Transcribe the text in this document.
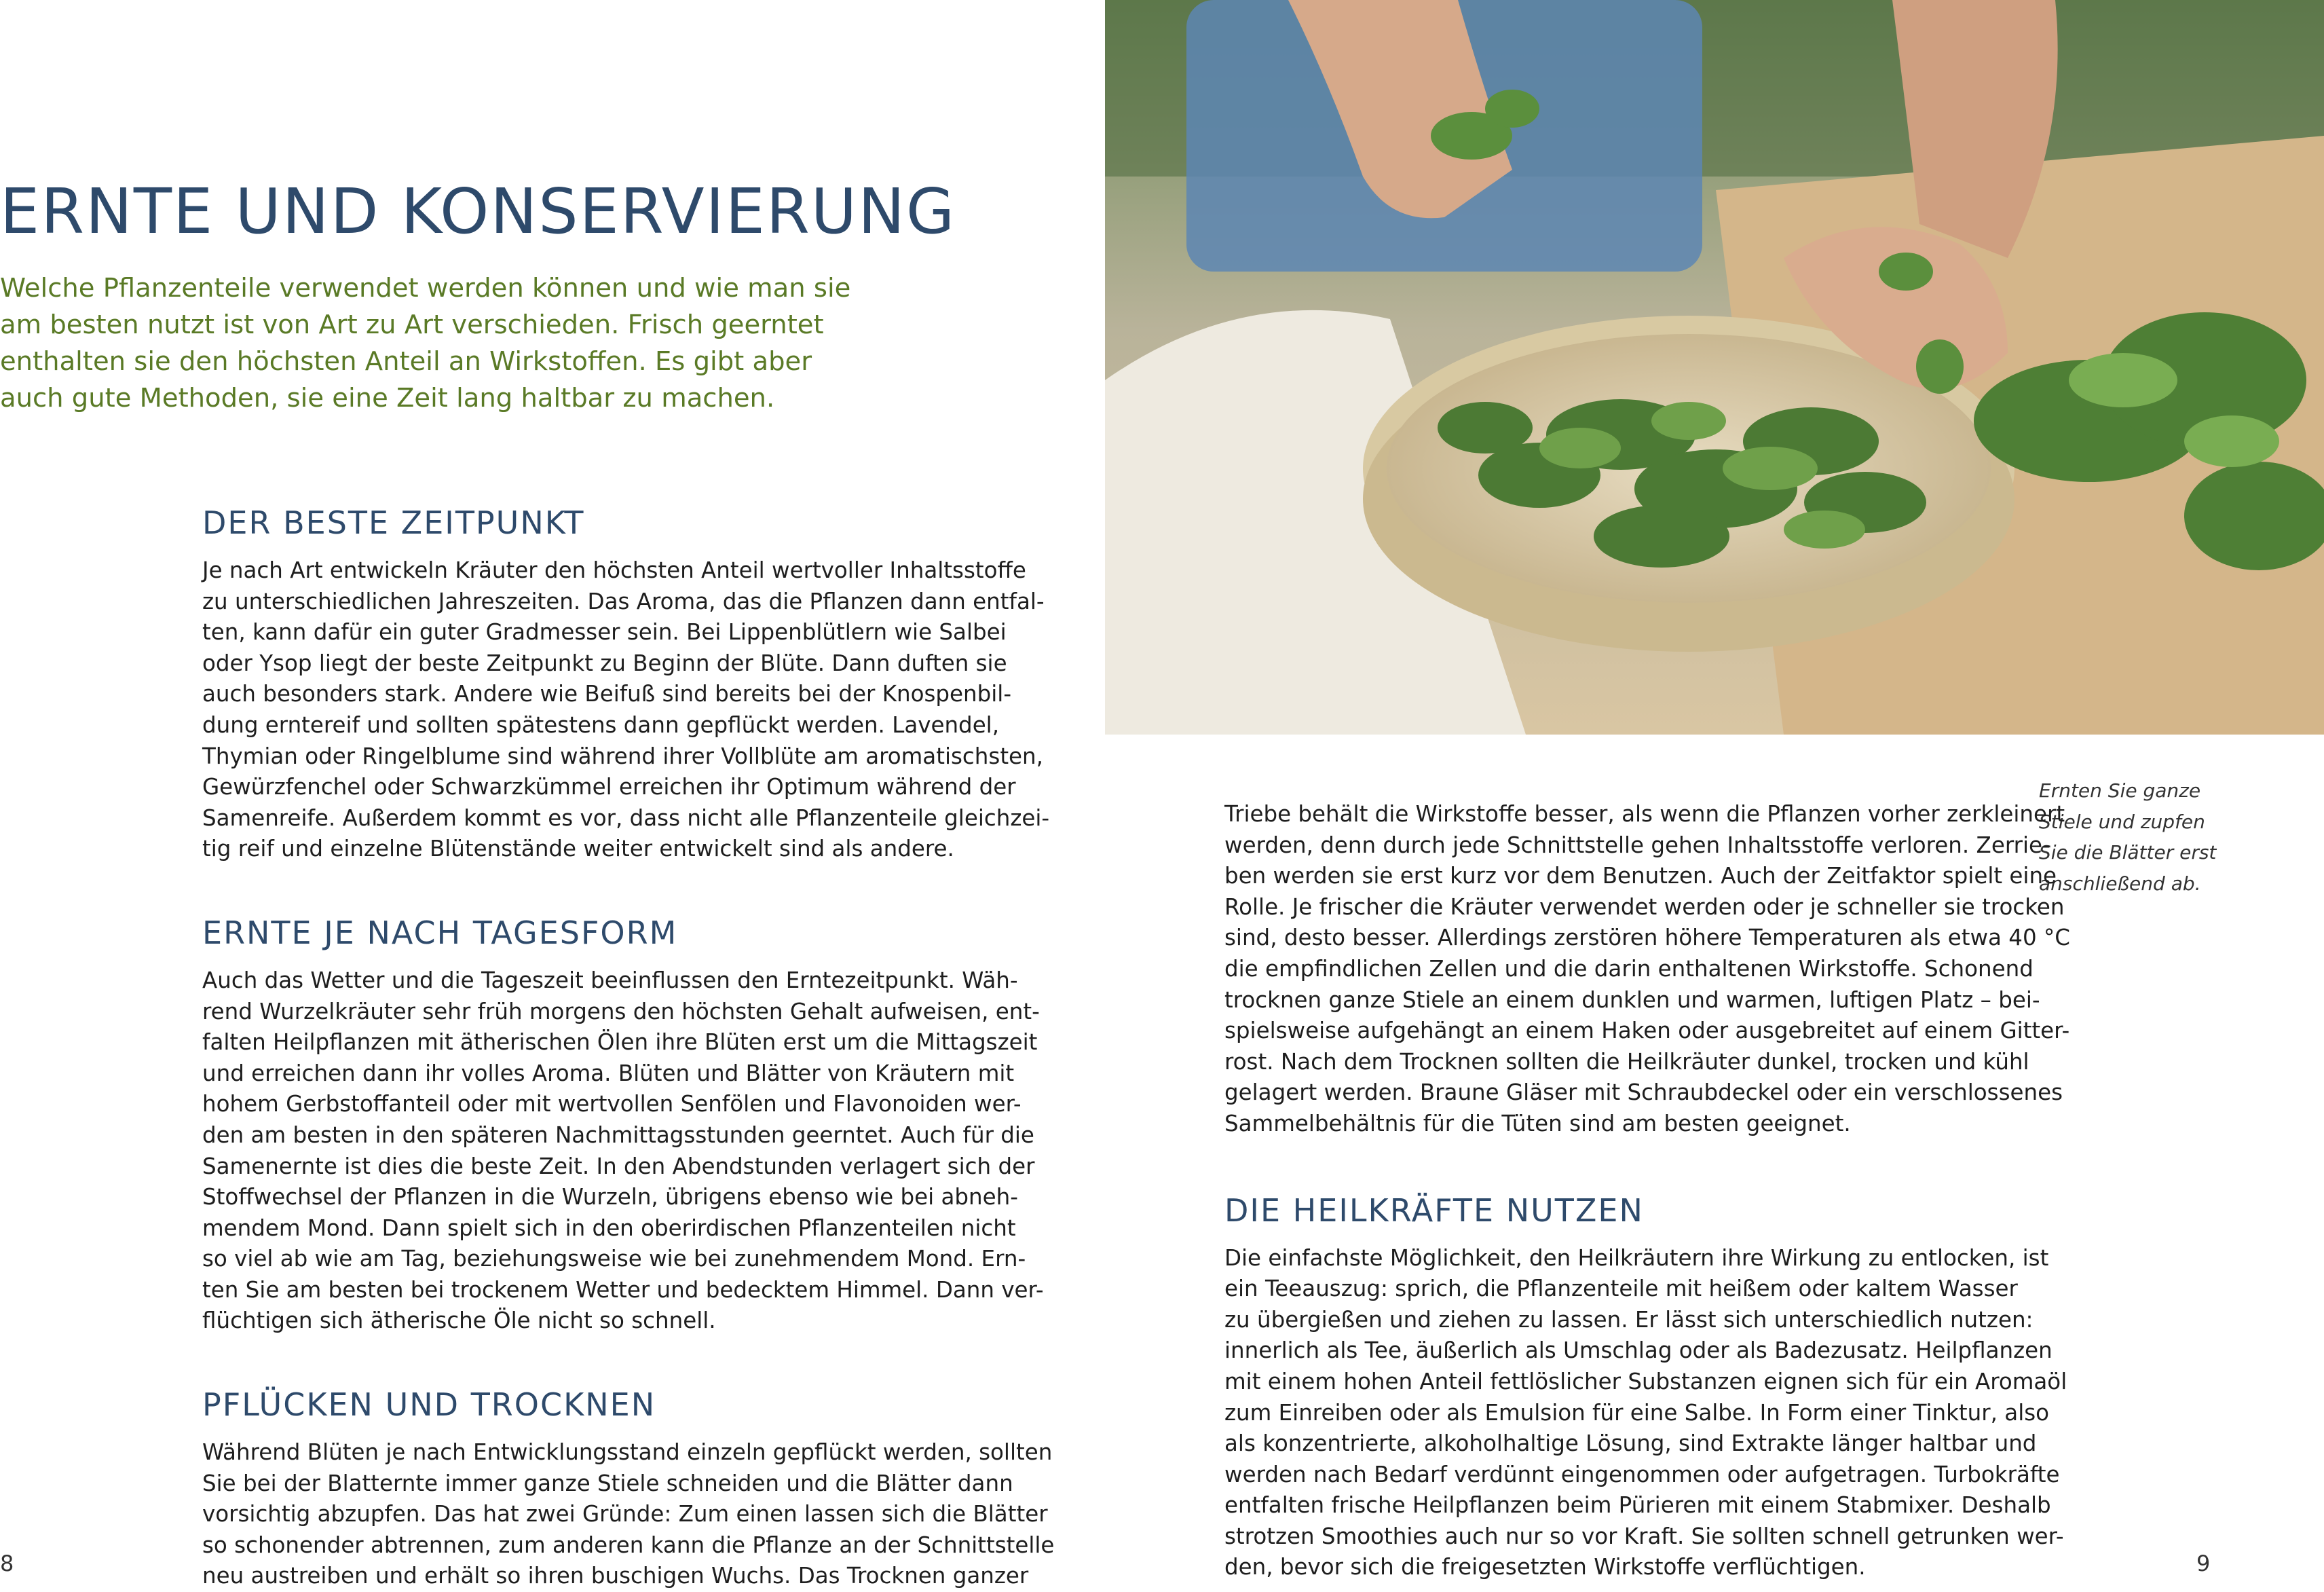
ERNTE UND KONSERVIERUNG
Welche Pflanzenteile verwendet werden können und wie man sie
am besten nutzt ist von Art zu Art verschieden. Frisch geerntet
enthalten sie den höchsten Anteil an Wirkstoffen. Es gibt aber
auch gute Methoden, sie eine Zeit lang haltbar zu machen.
DER BESTE ZEITPUNKT
Je nach Art entwickeln Kräuter den höchsten Anteil wertvoller Inhaltsstoffe
zu unterschiedlichen Jahreszeiten. Das Aroma, das die Pflanzen dann entfal-
ten, kann dafür ein guter Gradmesser sein. Bei Lippenblütlern wie Salbei
oder Ysop liegt der beste Zeitpunkt zu Beginn der Blüte. Dann duften sie
auch besonders stark. Andere wie Beifuß sind bereits bei der Knospenbil-
dung erntereif und sollten spätestens dann gepflückt werden. Lavendel,
Thymian oder Ringelblume sind während ihrer Vollblüte am aromatischsten,
Gewürzfenchel oder Schwarzkümmel erreichen ihr Optimum während der
Samenreife. Außerdem kommt es vor, dass nicht alle Pflanzenteile gleichzei-
tig reif und einzelne Blütenstände weiter entwickelt sind als andere.
ERNTE JE NACH TAGESFORM
Auch das Wetter und die Tageszeit beeinflussen den Erntezeitpunkt. Wäh-
rend Wurzelkräuter sehr früh morgens den höchsten Gehalt aufweisen, ent-
falten Heilpflanzen mit ätherischen Ölen ihre Blüten erst um die Mittagszeit
und erreichen dann ihr volles Aroma. Blüten und Blätter von Kräutern mit
hohem Gerbstoffanteil oder mit wertvollen Senfölen und Flavonoiden wer-
den am besten in den späteren Nachmittagsstunden geerntet. Auch für die
Samenernte ist dies die beste Zeit. In den Abendstunden verlagert sich der
Stoffwechsel der Pflanzen in die Wurzeln, übrigens ebenso wie bei abneh-
mendem Mond. Dann spielt sich in den oberirdischen Pflanzenteilen nicht
so viel ab wie am Tag, beziehungsweise wie bei zunehmendem Mond. Ern-
ten Sie am besten bei trockenem Wetter und bedecktem Himmel. Dann ver-
flüchtigen sich ätherische Öle nicht so schnell.
PFLÜCKEN UND TROCKNEN
Während Blüten je nach Entwicklungsstand einzeln gepflückt werden, sollten
Sie bei der Blatternte immer ganze Stiele schneiden und die Blätter dann
vorsichtig abzupfen. Das hat zwei Gründe: Zum einen lassen sich die Blätter
so schonender abtrennen, zum anderen kann die Pflanze an der Schnittstelle
neu austreiben und erhält so ihren buschigen Wuchs. Das Trocknen ganzer
Ernten Sie ganze
Stiele und zupfen
Sie die Blätter erst
anschließend ab.
Triebe behält die Wirkstoffe besser, als wenn die Pflanzen vorher zerkleinert
werden, denn durch jede Schnittstelle gehen Inhaltsstoffe verloren. Zerrie-
ben werden sie erst kurz vor dem Benutzen. Auch der Zeitfaktor spielt eine
Rolle. Je frischer die Kräuter verwendet werden oder je schneller sie trocken
sind, desto besser. Allerdings zerstören höhere Temperaturen als etwa 40 °C
die empfindlichen Zellen und die darin enthaltenen Wirkstoffe. Schonend
trocknen ganze Stiele an einem dunklen und warmen, luftigen Platz – bei-
spielsweise aufgehängt an einem Haken oder ausgebreitet auf einem Gitter-
rost. Nach dem Trocknen sollten die Heilkräuter dunkel, trocken und kühl
gelagert werden. Braune Gläser mit Schraubdeckel oder ein verschlossenes
Sammelbehältnis für die Tüten sind am besten geeignet.
DIE HEILKRÄFTE NUTZEN
Die einfachste Möglichkeit, den Heilkräutern ihre Wirkung zu entlocken, ist
ein Teeauszug: sprich, die Pflanzenteile mit heißem oder kaltem Wasser
zu übergießen und ziehen zu lassen. Er lässt sich unterschiedlich nutzen:
innerlich als Tee, äußerlich als Umschlag oder als Badezusatz. Heilpflanzen
mit einem hohen Anteil fettlöslicher Substanzen eignen sich für ein Aromaöl
zum Einreiben oder als Emulsion für eine Salbe. In Form einer Tinktur, also
als konzentrierte, alkoholhaltige Lösung, sind Extrakte länger haltbar und
werden nach Bedarf verdünnt eingenommen oder aufgetragen. Turbokräfte
entfalten frische Heilpflanzen beim Pürieren mit einem Stabmixer. Deshalb
strotzen Smoothies auch nur so vor Kraft. Sie sollten schnell getrunken wer-
den, bevor sich die freigesetzten Wirkstoffe verflüchtigen.
8	9
